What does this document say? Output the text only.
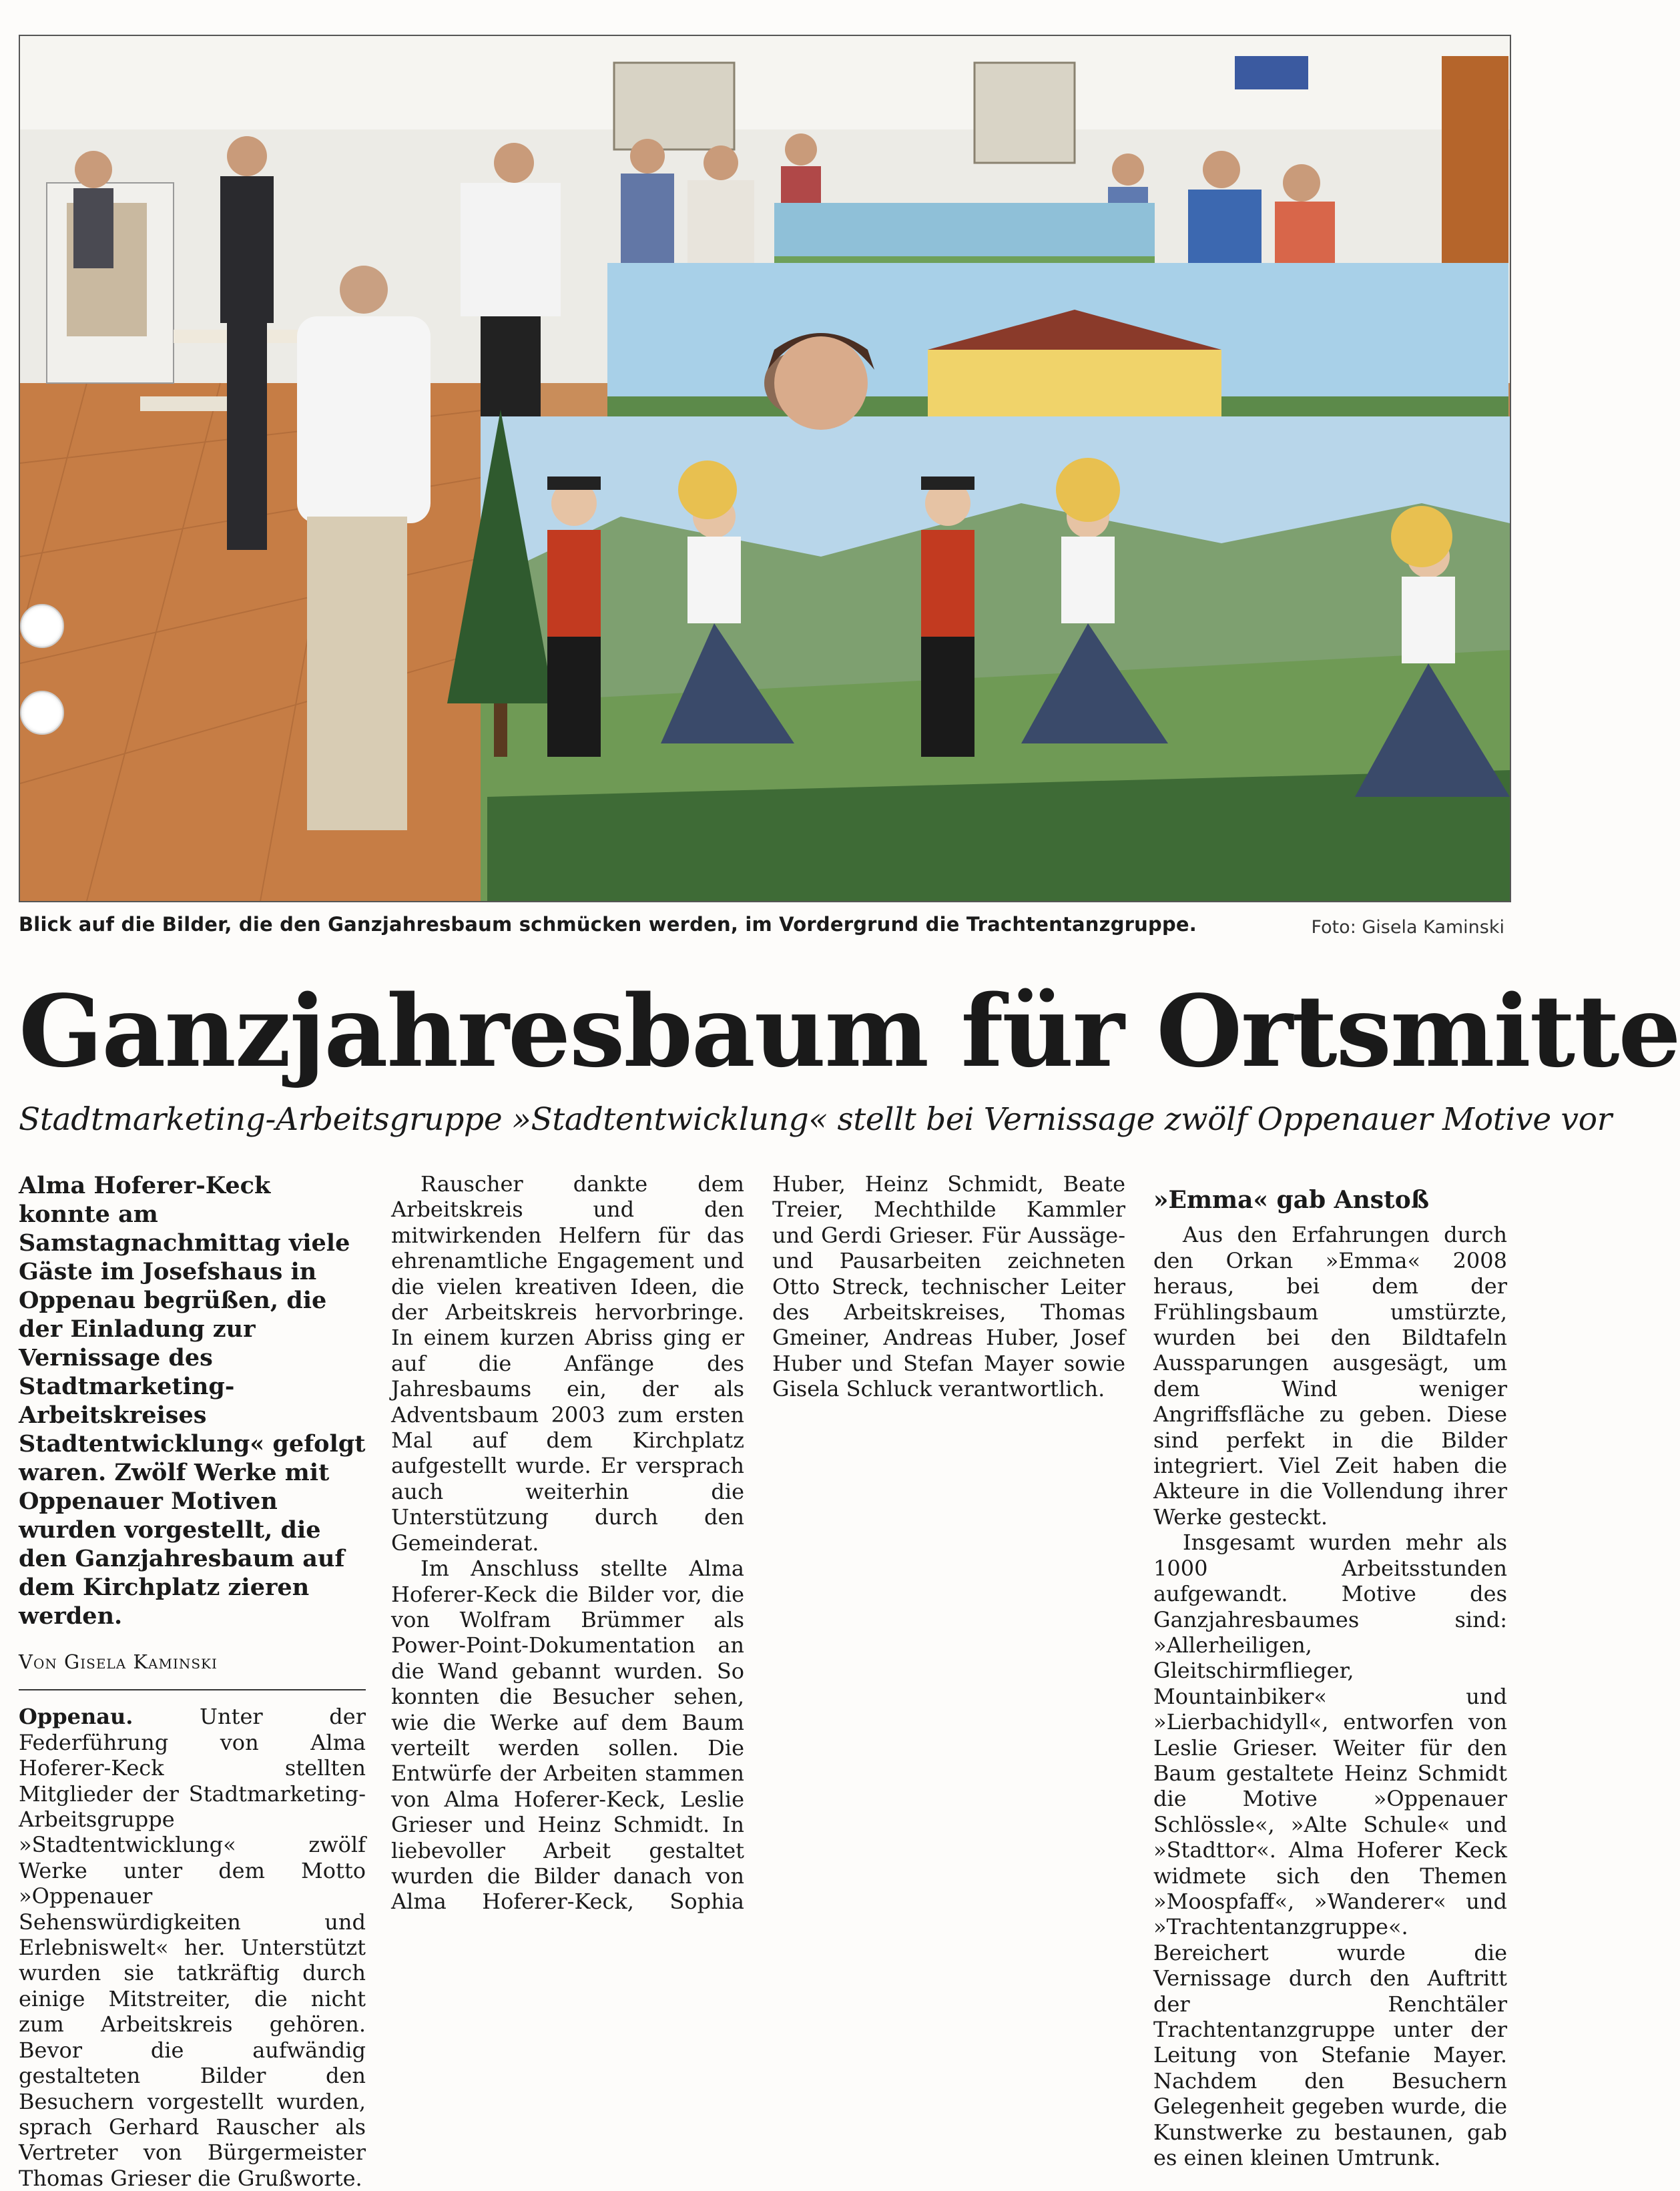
Blick auf die Bilder, die den Ganzjahresbaum schmücken werden, im Vordergrund die Trachtentanzgruppe.	Foto: Gisela Kaminski
Ganzjahresbaum für Ortsmitte
Stadtmarketing-Arbeitsgruppe »Stadtentwicklung« stellt bei Vernissage zwölf Oppenauer Motive vor

Alma Hoferer-Keck konnte am Samstagnachmittag viele Gäste im Josefshaus in Oppenau begrüßen, die der Einladung zur Vernissage des Stadtmarketing-Arbeitskreises Stadtentwicklung« gefolgt waren. Zwölf Werke mit Oppenauer Motiven wurden vorgestellt, die den Ganzjahresbaum auf dem Kirchplatz zieren werden.

Von Gisela Kaminski

Oppenau.	Unter der Federführung von Alma Hoferer-Keck stellten Mitglieder der Stadtmarketing-Arbeitsgruppe »Stadtentwicklung« zwölf Werke unter dem Motto »Oppenauer Sehenswürdigkeiten und Erlebniswelt« her. Unterstützt wurden sie tatkräftig durch einige Mitstreiter, die nicht zum Arbeitskreis gehören. Bevor die aufwändig gestalteten Bilder den Besuchern vorgestellt wurden, sprach Gerhard Rauscher als Vertreter von Bürgermeister Thomas Grieser die Grußworte.

Rauscher dankte dem Arbeitskreis und den mitwirkenden Helfern für das ehrenamtliche Engagement und die vielen kreativen Ideen, die der Arbeitskreis hervorbringe. In einem kurzen Abriss ging er auf die Anfänge des Jahresbaums ein, der als Adventsbaum 2003 zum ersten Mal auf dem Kirchplatz aufgestellt wurde. Er versprach auch weiterhin die Unterstützung durch den Gemeinderat.

Im Anschluss stellte Alma Hoferer-Keck die Bilder vor, die von Wolfram Brümmer als Power-Point-Dokumentation an die Wand gebannt wurden. So konnten die Besucher sehen, wie die Werke auf dem Baum verteilt werden sollen. Die Entwürfe der Arbeiten stammen von Alma Hoferer-Keck, Leslie Grieser und Heinz Schmidt. In liebevoller Arbeit gestaltet wurden die Bilder danach von Alma Hoferer-Keck, Sophia Huber, Heinz Schmidt, Beate Treier, Mechthilde Kammler und Gerdi Grieser. Für Aussäge- und Pausarbeiten zeichneten Otto Streck, technischer Leiter des Arbeitskreises, Thomas Gmeiner, Andreas Huber, Josef Huber und Stefan Mayer sowie Gisela Schluck verantwortlich.

»Emma« gab Anstoß

Aus den Erfahrungen durch den Orkan »Emma« 2008 heraus, bei dem der Frühlingsbaum umstürzte, wurden bei den Bildtafeln Aussparungen ausgesägt, um dem Wind weniger Angriffsfläche zu geben. Diese sind perfekt in die Bilder integriert. Viel Zeit haben die Akteure in die Vollendung ihrer Werke gesteckt.

Insgesamt wurden mehr als 1000 Arbeitsstunden aufgewandt. Motive des Ganzjahresbaumes sind: »Allerheiligen, Gleitschirmflieger, Mountainbiker« und »Lierbachidyll«, entworfen von Leslie Grieser. Weiter für den Baum gestaltete Heinz Schmidt die Motive »Oppenauer Schlössle«, »Alte Schule« und »Stadttor«. Alma Hoferer Keck widmete sich den Themen »Moospfaff«, »Wanderer« und »Trachtentanzgruppe«. Bereichert wurde die Vernissage durch den Auftritt der Renchtäler Trachtentanzgruppe unter der Leitung von Stefanie Mayer. Nachdem den Besuchern Gelegenheit gegeben wurde, die Kunstwerke zu bestaunen, gab es einen kleinen Umtrunk.
